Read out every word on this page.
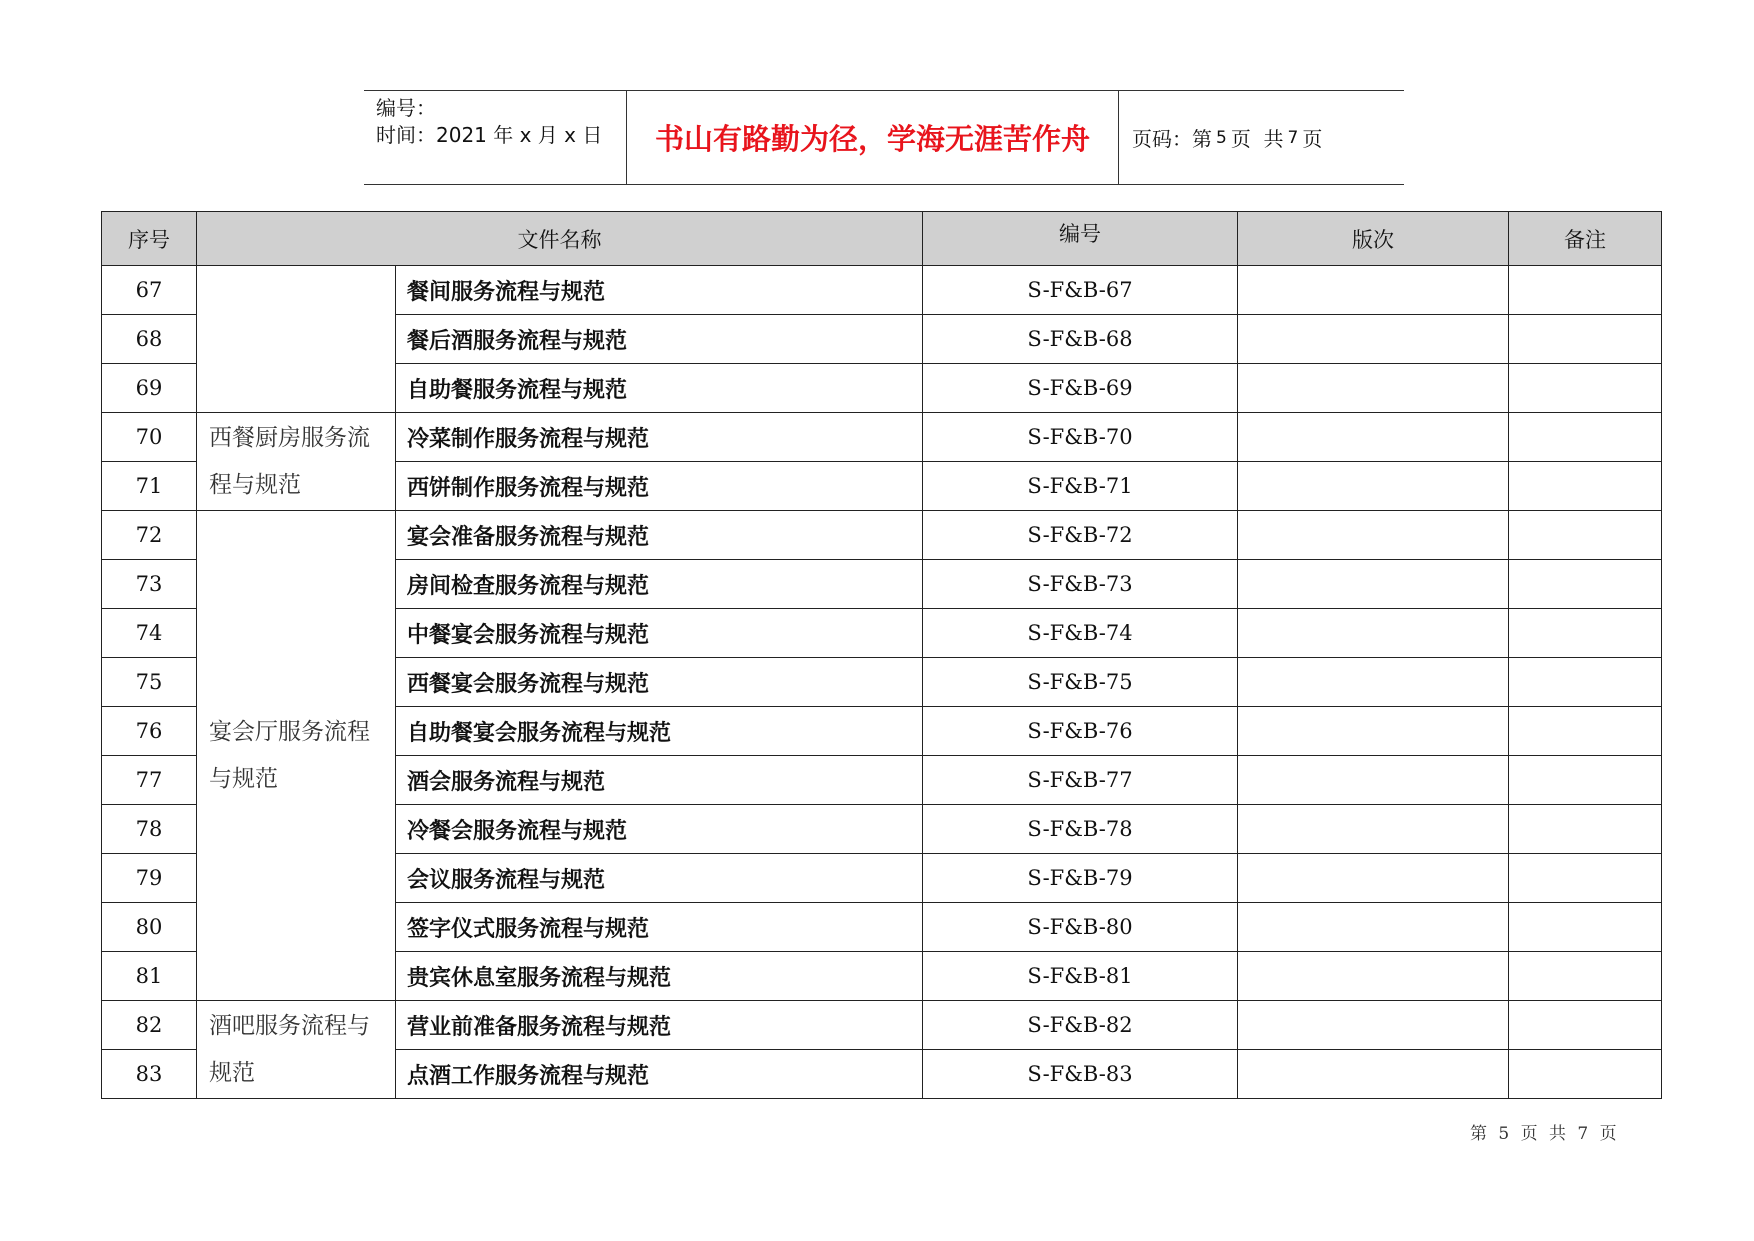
编号：
时间：2021 年 x 月 x 日	书山有路勤为径，学海无涯苦作舟	页码：第 5 页  共 7 页
序号	文件名称		编号	版次	备注
67		餐间服务流程与规范	S-F&B-67		
68		餐后酒服务流程与规范	S-F&B-68		
69		自助餐服务流程与规范	S-F&B-69		
70	西餐厨房服务流程与规范	冷菜制作服务流程与规范	S-F&B-70		
71		西饼制作服务流程与规范	S-F&B-71		
72	宴会厅服务流程与规范	宴会准备服务流程与规范	S-F&B-72		
73		房间检查服务流程与规范	S-F&B-73		
74		中餐宴会服务流程与规范	S-F&B-74		
75		西餐宴会服务流程与规范	S-F&B-75		
76		自助餐宴会服务流程与规范	S-F&B-76		
77		酒会服务流程与规范	S-F&B-77		
78		冷餐会服务流程与规范	S-F&B-78		
79		会议服务流程与规范	S-F&B-79		
80		签字仪式服务流程与规范	S-F&B-80		
81		贵宾休息室服务流程与规范	S-F&B-81		
82	酒吧服务流程与规范	营业前准备服务流程与规范	S-F&B-82		
83		点酒工作服务流程与规范	S-F&B-83		
第 5 页 共 7 页
